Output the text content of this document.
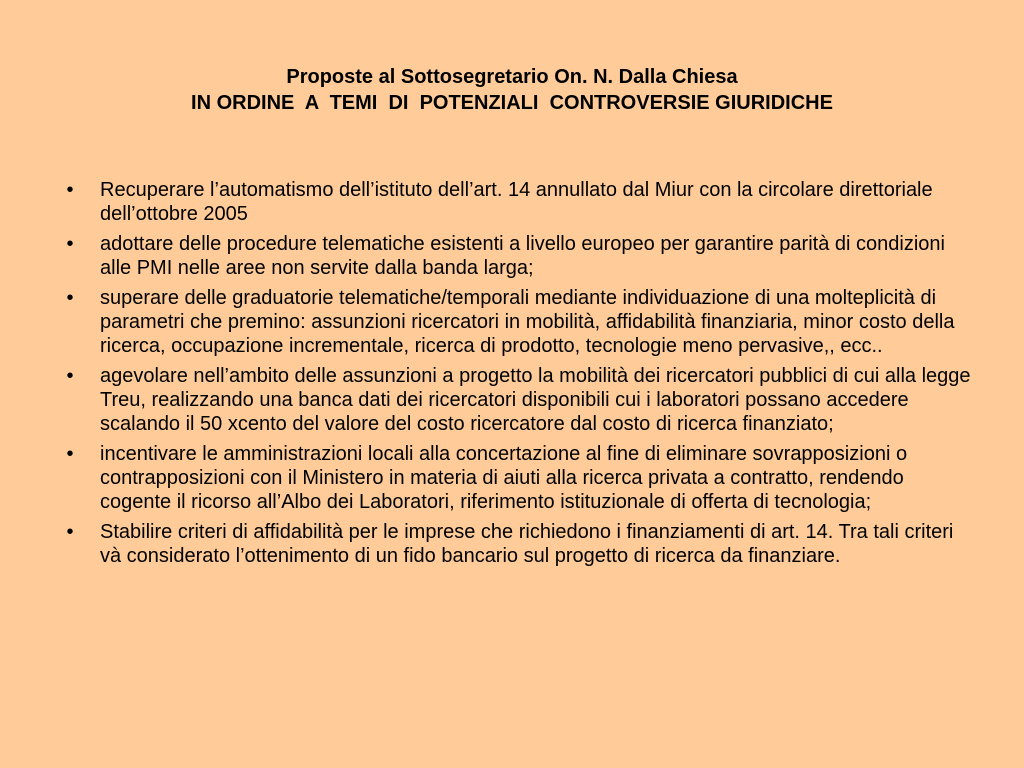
Proposte al Sottosegretario On. N. Dalla Chiesa
IN ORDINE  A  TEMI  DI  POTENZIALI  CONTROVERSIE GIURIDICHE
•	Recuperare l’automatismo dell’istituto dell’art. 14 annullato dal Miur con la circolare direttoriale dell’ottobre 2005
•	adottare delle procedure telematiche esistenti a livello europeo per garantire parità di condizioni alle PMI nelle aree non servite dalla banda larga;
•	superare delle graduatorie telematiche/temporali mediante individuazione di una molteplicità di parametri che premino: assunzioni ricercatori in mobilità, affidabilità finanziaria, minor costo della ricerca, occupazione incrementale, ricerca di prodotto, tecnologie meno pervasive,, ecc..
•	agevolare nell’ambito delle assunzioni a progetto la mobilità dei ricercatori pubblici di cui alla legge Treu, realizzando una banca dati dei ricercatori disponibili cui i laboratori possano accedere scalando il 50 xcento del valore del costo ricercatore dal costo di ricerca finanziato;
•	incentivare le amministrazioni locali alla concertazione al fine di eliminare sovrapposizioni o contrapposizioni con il Ministero in materia di aiuti alla ricerca privata a contratto, rendendo cogente il ricorso all’Albo dei Laboratori, riferimento istituzionale di offerta di tecnologia;
•	Stabilire criteri di affidabilità per le imprese che richiedono i finanziamenti di art. 14. Tra tali criteri và considerato l’ottenimento di un fido bancario sul progetto di ricerca da finanziare.
